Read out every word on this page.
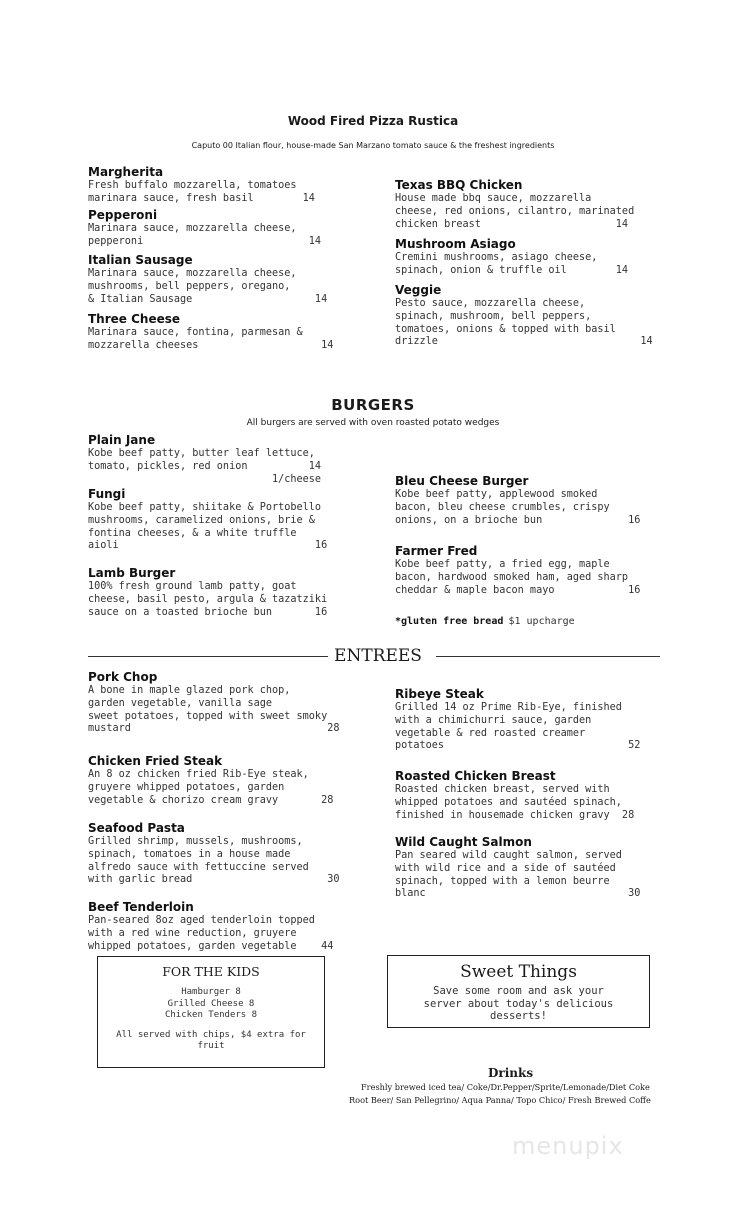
Wood Fired Pizza Rustica
Caputo 00 Italian flour, house-made San Marzano tomato sauce & the freshest ingredients
Margherita
Fresh buffalo mozzarella, tomatoes
marinara sauce, fresh basil        14
Pepperoni
Marinara sauce, mozzarella cheese,
pepperoni                           14
Italian Sausage
Marinara sauce, mozzarella cheese,
mushrooms, bell peppers, oregano,
& Italian Sausage                    14
Three Cheese
Marinara sauce, fontina, parmesan &
mozzarella cheeses                    14
Texas BBQ Chicken
House made bbq sauce, mozzarella
cheese, red onions, cilantro, marinated
chicken breast                      14
Mushroom Asiago
Cremini mushrooms, asiago cheese,
spinach, onion & truffle oil        14
Veggie
Pesto sauce, mozzarella cheese,
spinach, mushroom, bell peppers,
tomatoes, onions & topped with basil
drizzle                                 14
BURGERS
All burgers are served with oven roasted potato wedges
Plain Jane
Kobe beef patty, butter leaf lettuce,
tomato, pickles, red onion          14
1/cheese
Fungi
Kobe beef patty, shiitake & Portobello
mushrooms, caramelized onions, brie &
fontina cheeses, & a white truffle
aioli                                16
Lamb Burger
100% fresh ground lamb patty, goat
cheese, basil pesto, argula & tazatziki
sauce on a toasted brioche bun       16
Bleu Cheese Burger
Kobe beef patty, applewood smoked
bacon, bleu cheese crumbles, crispy
onions, on a brioche bun              16
Farmer Fred
Kobe beef patty, a fried egg, maple
bacon, hardwood smoked ham, aged sharp
cheddar & maple bacon mayo            16
*gluten free bread $1 upcharge
ENTREES
Pork Chop
A bone in maple glazed pork chop,
garden vegetable, vanilla sage
sweet potatoes, topped with sweet smoky
mustard                                28
Chicken Fried Steak
An 8 oz chicken fried Rib-Eye steak,
gruyere whipped potatoes, garden
vegetable & chorizo cream gravy       28
Seafood Pasta
Grilled shrimp, mussels, mushrooms,
spinach, tomatoes in a house made
alfredo sauce with fettuccine served
with garlic bread                      30
Beef Tenderloin
Pan-seared 8oz aged tenderloin topped
with a red wine reduction, gruyere
whipped potatoes, garden vegetable    44
Ribeye Steak
Grilled 14 oz Prime Rib-Eye, finished
with a chimichurri sauce, garden
vegetable & red roasted creamer
potatoes                              52
Roasted Chicken Breast
Roasted chicken breast, served with
whipped potatoes and sautéed spinach,
finished in housemade chicken gravy  28
Wild Caught Salmon
Pan seared wild caught salmon, served
with wild rice and a side of sautéed
spinach, topped with a lemon beurre
blanc                                 30
FOR THE KIDS
Hamburger 8
Grilled Cheese 8
Chicken Tenders 8
All served with chips, $4 extra for
fruit
Sweet Things
Save some room and ask your
server about today's delicious
desserts!
Drinks
Freshly brewed iced tea/ Coke/Dr.Pepper/Sprite/Lemonade/Diet Coke
Root Beer/ San Pellegrino/ Aqua Panna/ Topo Chico/ Fresh Brewed Coffe
menupix
